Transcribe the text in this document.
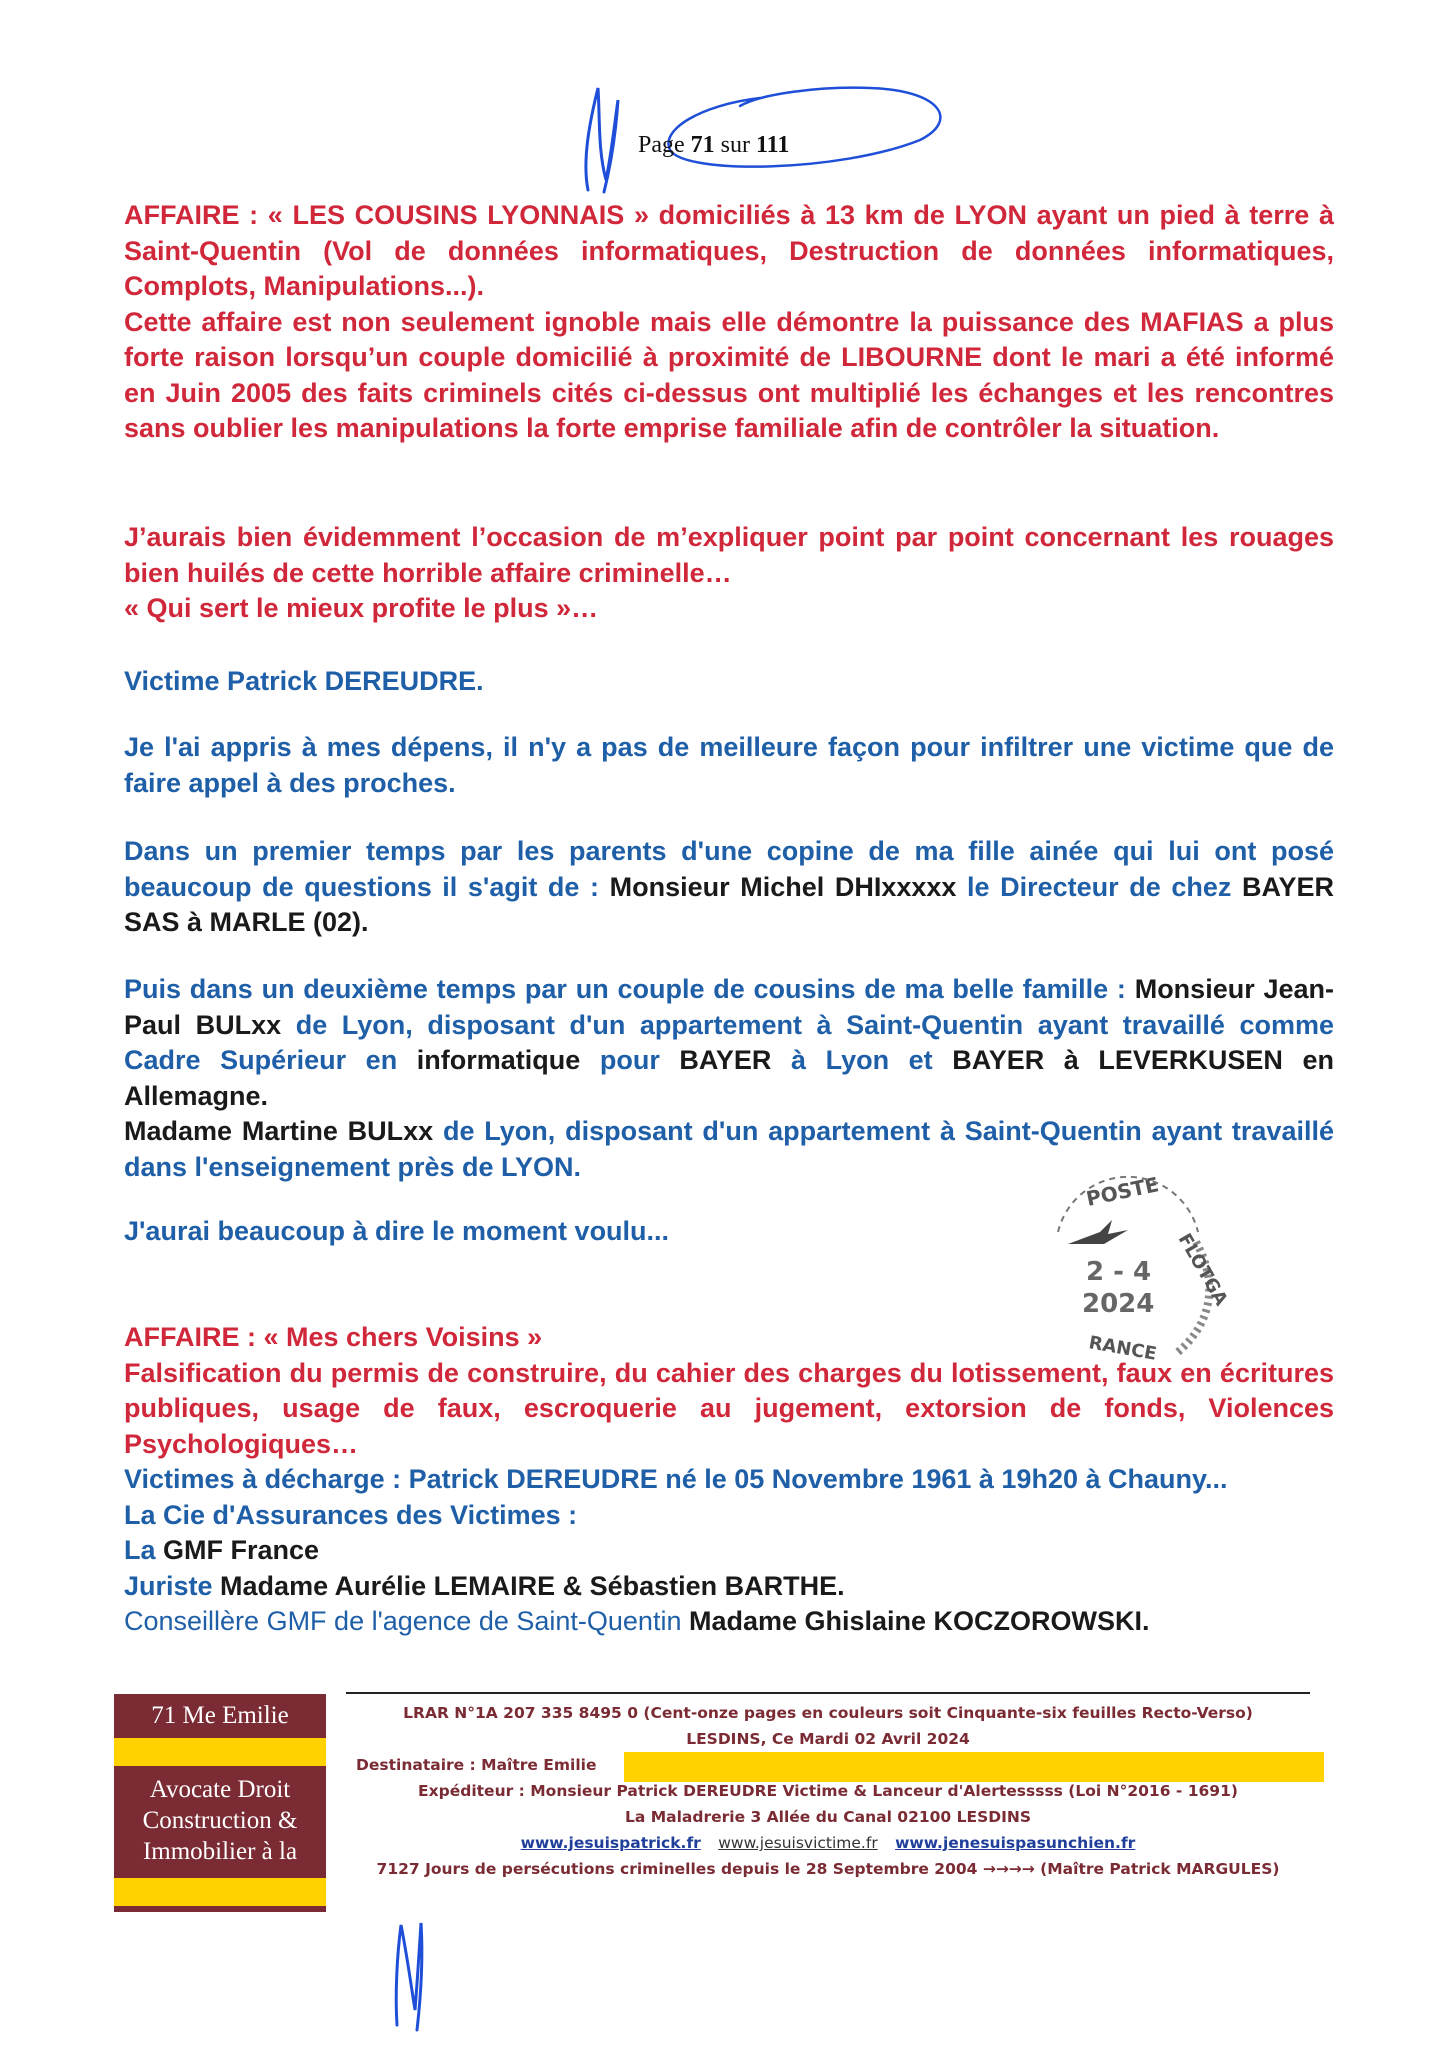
Page 71 sur 111

AFFAIRE : « LES COUSINS LYONNAIS » domiciliés à 13 km de LYON ayant un pied à terre à Saint-Quentin (Vol de données informatiques, Destruction de données informatiques, Complots, Manipulations...).

Cette affaire est non seulement ignoble mais elle démontre la puissance des MAFIAS a plus forte raison lorsqu’un couple domicilié à proximité de LIBOURNE dont le mari a été informé en Juin 2005 des faits criminels cités ci-dessus ont multiplié les échanges et les rencontres sans oublier les manipulations la forte emprise familiale afin de contrôler la situation.

J’aurais bien évidemment l’occasion de m’expliquer point par point concernant les rouages bien huilés de cette horrible affaire criminelle…

« Qui sert le mieux profite le plus »…

Victime Patrick DEREUDRE.

Je l'ai appris à mes dépens, il n'y a pas de meilleure façon pour infiltrer une victime que de faire appel à des proches.

Dans un premier temps par les parents d'une copine de ma fille ainée qui lui ont posé beaucoup de questions il s'agit de : Monsieur Michel DHIxxxxx le Directeur de chez BAYER SAS à MARLE (02).

Puis dans un deuxième temps par un couple de cousins de ma belle famille : Monsieur Jean-Paul BULxx de Lyon, disposant d'un appartement à Saint-Quentin ayant travaillé comme Cadre Supérieur en informatique pour BAYER à Lyon et BAYER à LEVERKUSEN en Allemagne.

Madame Martine BULxx de Lyon, disposant d'un appartement à Saint-Quentin ayant travaillé dans l'enseignement près de LYON.

J'aurai beaucoup à dire le moment voulu...

POSTE
FLOTGA
2 - 4
2024
RANCE

AFFAIRE : « Mes chers Voisins »

Falsification du permis de construire, du cahier des charges du lotissement, faux en écritures publiques, usage de faux, escroquerie au jugement, extorsion de fonds, Violences Psychologiques…

Victimes à décharge : Patrick DEREUDRE né le 05 Novembre 1961 à 19h20 à Chauny...

La Cie d'Assurances des Victimes :

La GMF France

Juriste Madame Aurélie LEMAIRE & Sébastien BARTHE.

Conseillère GMF de l'agence de Saint-Quentin Madame Ghislaine KOCZOROWSKI.

71 Me Emilie
Avocate Droit
Construction &
Immobilier à la
LRAR N°1A 207 335 8495 0 (Cent-onze pages en couleurs soit Cinquante-six feuilles Recto-Verso)
LESDINS, Ce Mardi 02 Avril 2024
Destinataire : Maître Emilie
Expéditeur : Monsieur Patrick DEREUDRE Victime & Lanceur d'Alertesssss (Loi N°2016 - 1691)
La Maladrerie 3 Allée du Canal 02100 LESDINS
www.jesuispatrick.fr www.jesuisvictime.fr www.jenesuispasunchien.fr
7127 Jours de persécutions criminelles depuis le 28 Septembre 2004 →→→→ (Maître Patrick MARGULES)
